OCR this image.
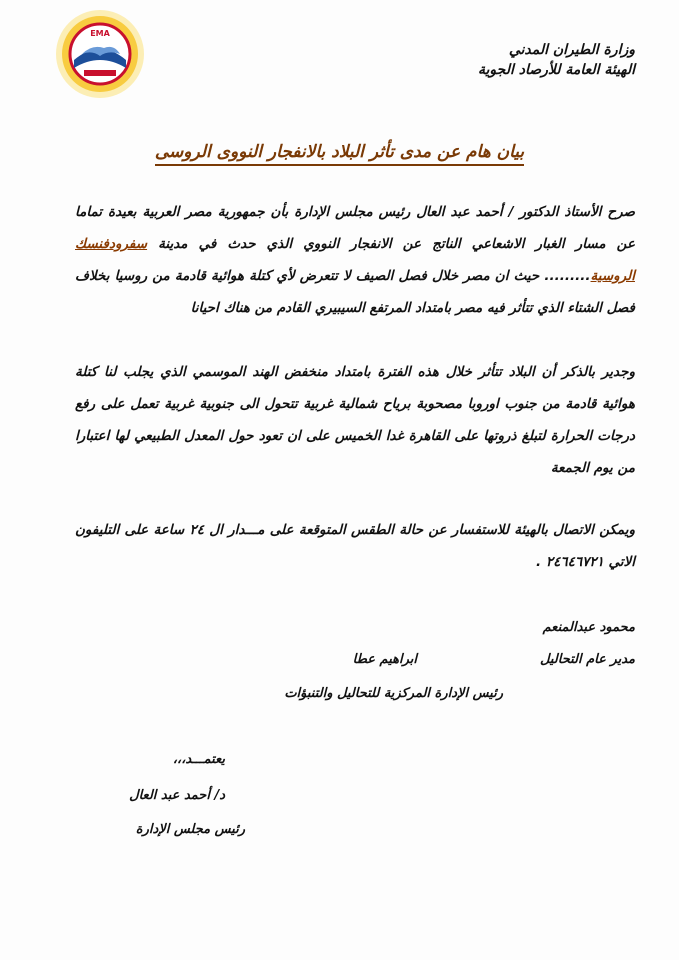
EMA
وزارة الطيران المدني
الهيئة العامة للأرصاد الجوية
بيان هام عن مدى تأثر البلاد بالانفجار النووى الروسى
صرح الأستاذ الدكتور / أحمد عبد العال رئيس مجلس الإدارة بأن جمهورية مصر العربية بعيدة تماما عن مسار الغبار الاشعاعي الناتج عن الانفجار النووي الذي حدث في مدينة سفرودفنسك الروسية......... حيث ان مصر خلال فصل الصيف لا تتعرض لأي كتلة هوائية قادمة من روسيا بخلاف فصل الشتاء الذي تتأثر فيه مصر بامتداد المرتفع السيبيري القادم من هناك احيانا
وجدير بالذكر أن البلاد تتأثر خلال هذه الفترة بامتداد منخفض الهند الموسمي الذي يجلب لنا كتلة هوائية قادمة من جنوب اوروبا مصحوبة برياح شمالية غربية تتحول الى جنوبية غربية تعمل على رفع درجات الحرارة لتبلغ ذروتها على القاهرة غدا الخميس على ان تعود حول المعدل الطبيعي لها اعتبارا من يوم الجمعة
ويمكن الاتصال بالهيئة للاستفسار عن حالة الطقس المتوقعة على مـــدار ال ٢٤ ساعة على التليفون الاتي ٢٤٦٤٦٧٢١ .
محمود عبدالمنعم
مدير عام التحاليل
ابراهيم عطا
رئيس الإدارة المركزية للتحاليل والتنبؤات
يعتمـــد،،،
د/ أحمد عبد العال
رئيس مجلس الإدارة
